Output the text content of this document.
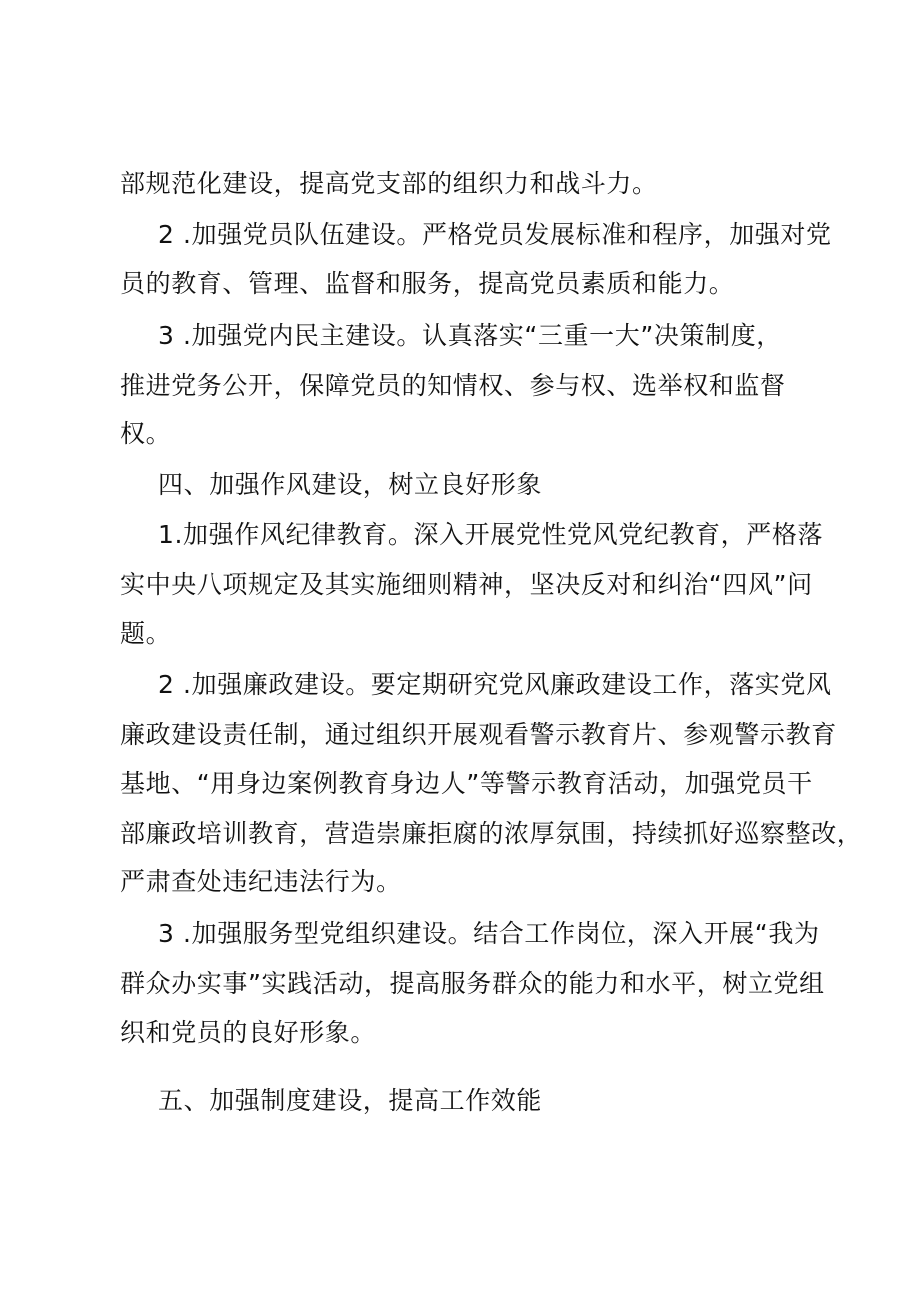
部规范化建设，提高党支部的组织力和战斗力。
2 .加强党员队伍建设。严格党员发展标准和程序，加强对党
员的教育、管理、监督和服务，提高党员素质和能力。
3 .加强党内民主建设。认真落实“三重一大”决策制度，
推进党务公开，保障党员的知情权、参与权、选举权和监督
权。
四、加强作风建设，树立良好形象
1.加强作风纪律教育。深入开展党性党风党纪教育，严格落
实中央八项规定及其实施细则精神，坚决反对和纠治“四风”问
题。
2 .加强廉政建设。要定期研究党风廉政建设工作，落实党风
廉政建设责任制，通过组织开展观看警示教育片、参观警示教育
基地、“用身边案例教育身边人”等警示教育活动，加强党员干
部廉政培训教育，营造崇廉拒腐的浓厚氛围，持续抓好巡察整改，
严肃查处违纪违法行为。
3 .加强服务型党组织建设。结合工作岗位，深入开展“我为
群众办实事”实践活动，提高服务群众的能力和水平，树立党组
织和党员的良好形象。
五、加强制度建设，提高工作效能
